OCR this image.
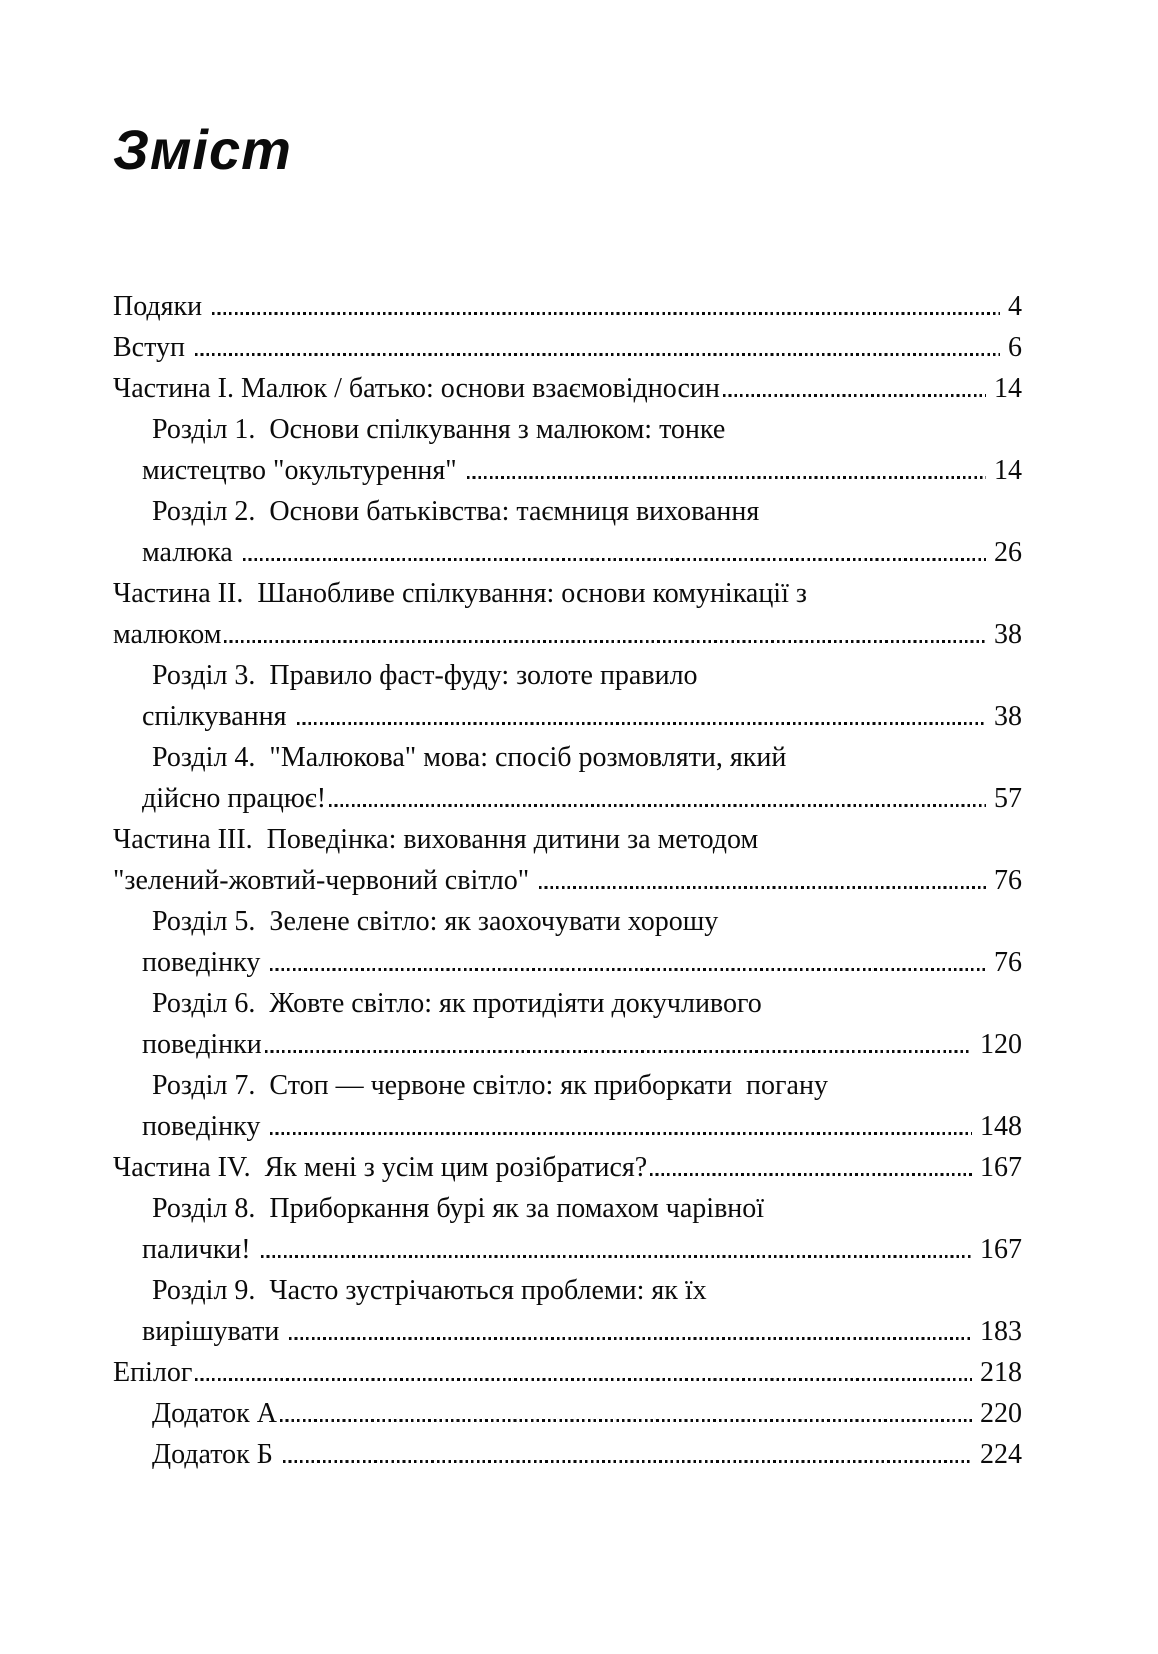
Зміст
Подяки	4
Вступ	6
Частина I. Малюк / батько: основи взаємовідносин	14
Розділ 1.  Основи спілкування з малюком: тонке
мистецтво "окультурення"	14
Розділ 2.  Основи батьківства: таємниця виховання
малюка	26
Частина II.  Шанобливе спілкування: основи комунікації з
малюком	38
Розділ 3.  Правило фаст-фуду: золоте правило
спілкування	38
Розділ 4.  "Малюкова" мова: спосіб розмовляти, який
дійсно працює!	57
Частина III.  Поведінка: виховання дитини за методом
"зелений-жовтий-червоний світло"	76
Розділ 5.  Зелене світло: як заохочувати хорошу
поведінку	76
Розділ 6.  Жовте світло: як протидіяти докучливого
поведінки	120
Розділ 7.  Стоп — червоне світло: як приборкати  погану
поведінку	148
Частина IV.  Як мені з усім цим розібратися?	167
Розділ 8.  Приборкання бурі як за помахом чарівної
палички!	167
Розділ 9.  Часто зустрічаються проблеми: як їх
вирішувати	183
Епілог	218
Додаток А	220
Додаток Б	224
